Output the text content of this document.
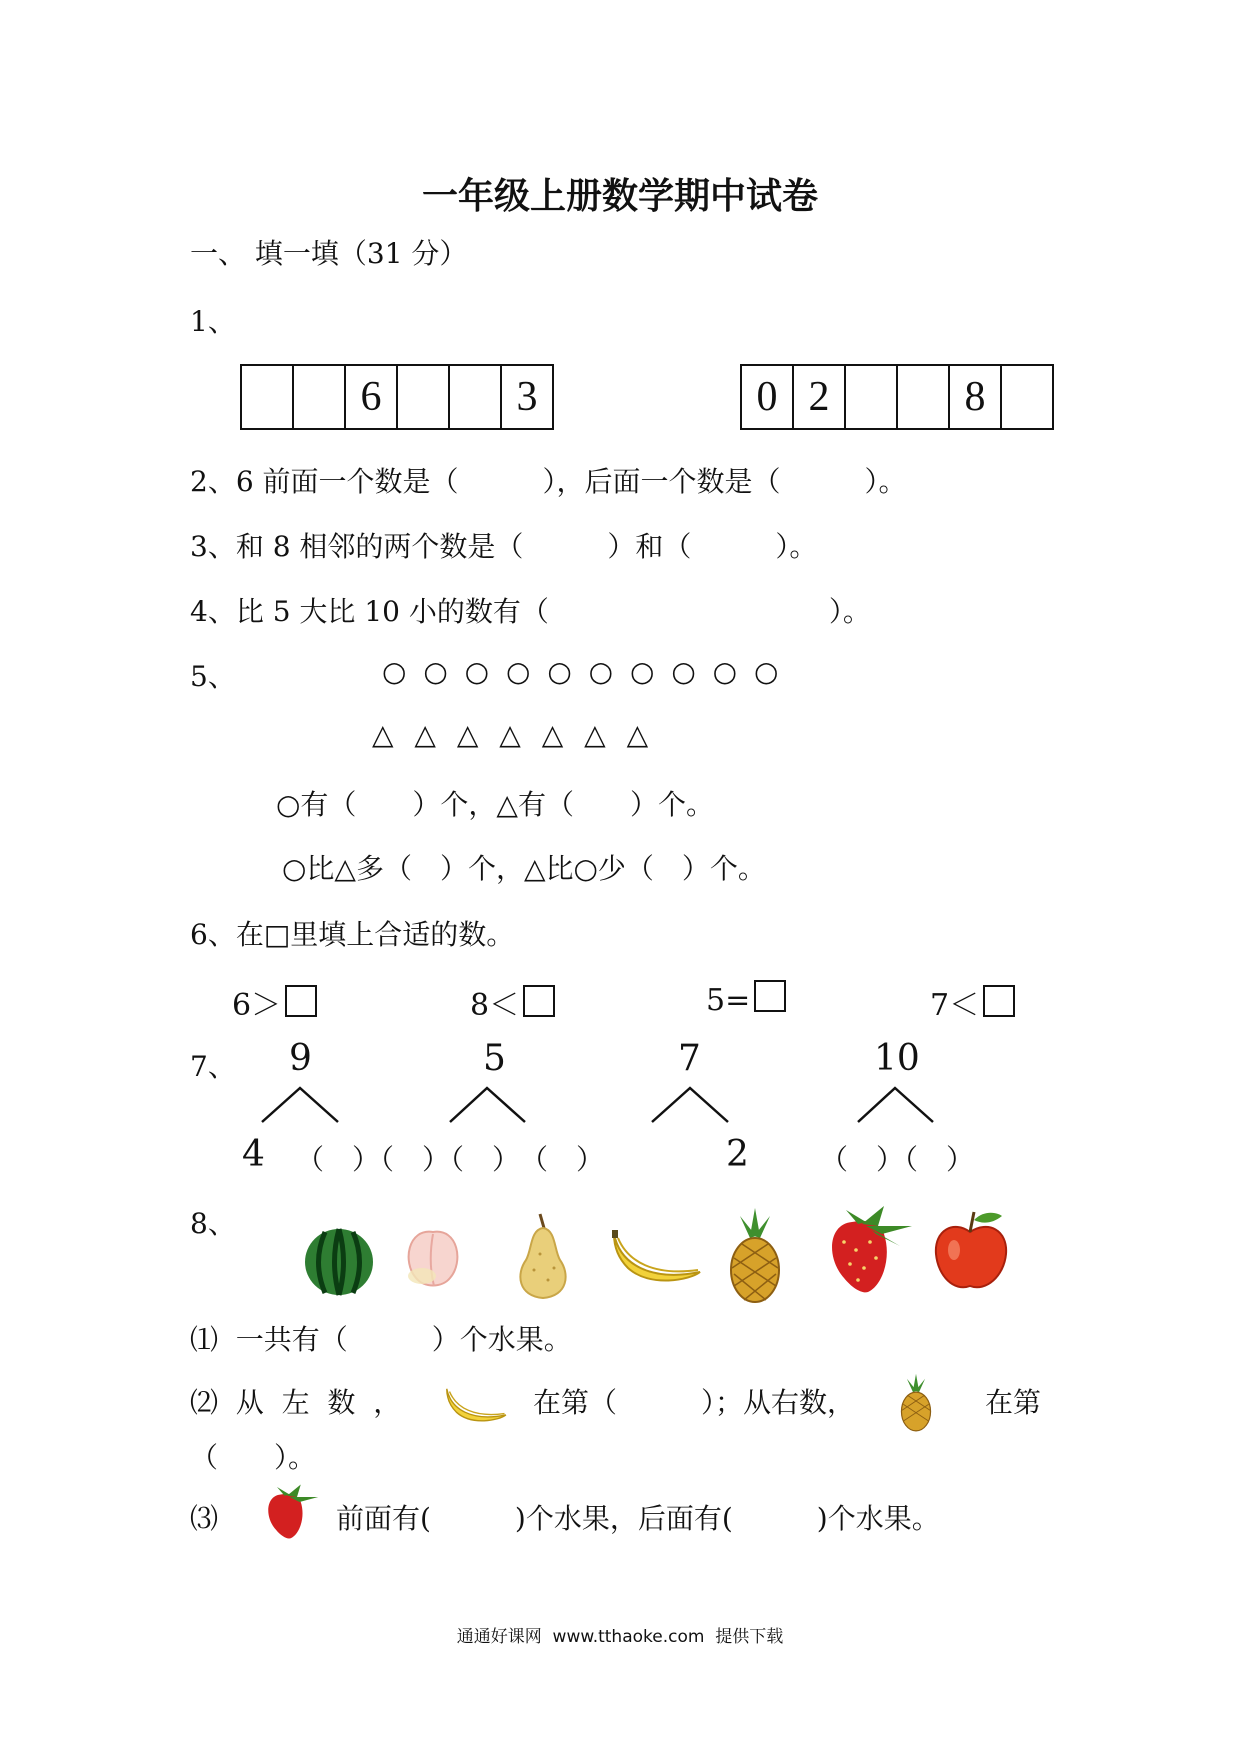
一年级上册数学期中试卷
一、 填一填（31 分）
1、
		6			3	0	2			8	
2、6 前面一个数是（　　　），后面一个数是（　　　）。
3、和 8 相邻的两个数是（　　　）和（　　　）。
4、比 5 大比 10 小的数有（　　　　　　　　　　）。
5、	○ ○ ○ ○ ○ ○ ○ ○ ○ ○
△ △ △ △ △ △ △
○有（　　）个，△有（　　）个。
○比△多（　）个，△比○少（　）个。
6、在□里填上合适的数。
6＞	8＜	5=	7＜
7、 9	5	7	10
4 （　）（　）（　）　（　）	2	（　）（　）
8、
⑴  一共有（　　　）个水果。
⑵  从  左  数  ，	在第（　　　）；从右数，	在第
（　　）。
⑶	前面有(　　　)个水果，后面有(　　　)个水果。
通通好课网  www.tthaoke.com  提供下载
